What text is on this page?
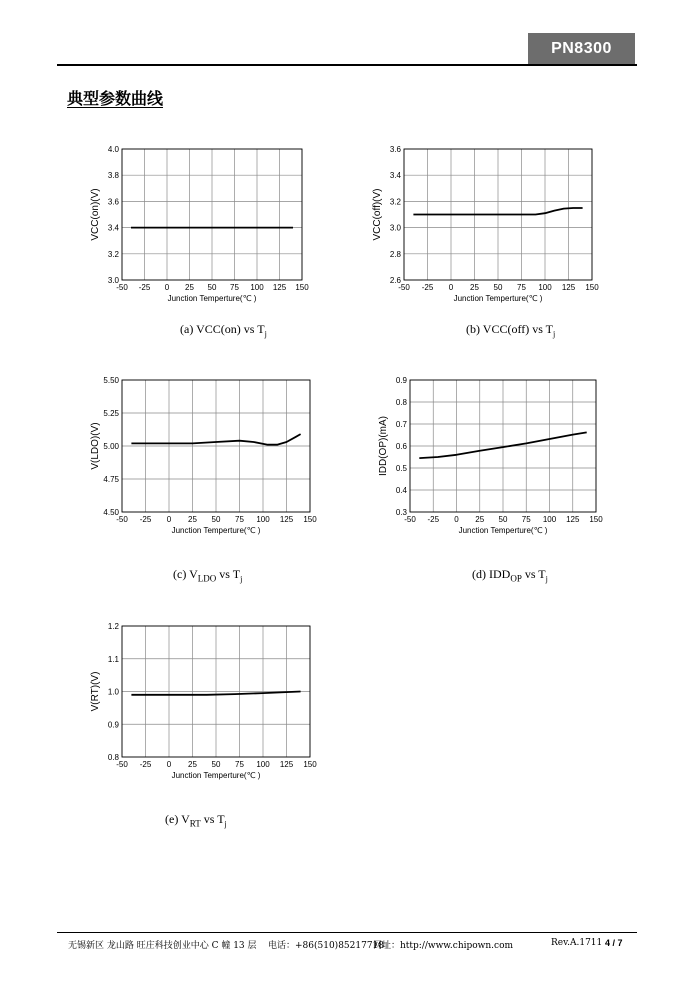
PN8300
典型参数曲线
-50 -25 0 25 50 75 100 125 150
3.0
3.2
3.4
3.6
3.8
4.0
Junction Temperture(℃ )
VCC(on)(V)
-50 -25 0 25 50 75 100 125 150
2.6
2.8
3.0
3.2
3.4
3.6
Junction Temperture(℃ )
VCC(off)(V)
-50 -25 0 25 50 75 100 125 150
4.50
4.75
5.00
5.25
5.50
Junction Temperture(℃ )
V(LDO)(V)
-50 -25 0 25 50 75 100 125 150
0.3
0.4
0.5
0.6
0.7
0.8
0.9
Junction Temperture(℃ )
IDD(OP)(mA)
-50 -25 0 25 50 75 100 125 150
0.8
0.9
1.0
1.1
1.2
Junction Temperture(℃ )
V(RT)(V)
(a) VCC(on) vs $T_j$	(b) VCC(off) vs $T_j$
(c) $V_{LDO}$ vs $T_j$	(d) $IDD_{OP}$ vs $T_j$
(e) $V_{RT}$ vs $T_j$
无锡新区 龙山路 旺庄科技创业中心 C 幢 13 层 电话：+86(510)85217718
网址：http://www.chipown.com	Rev.A.1711 4 / 7
